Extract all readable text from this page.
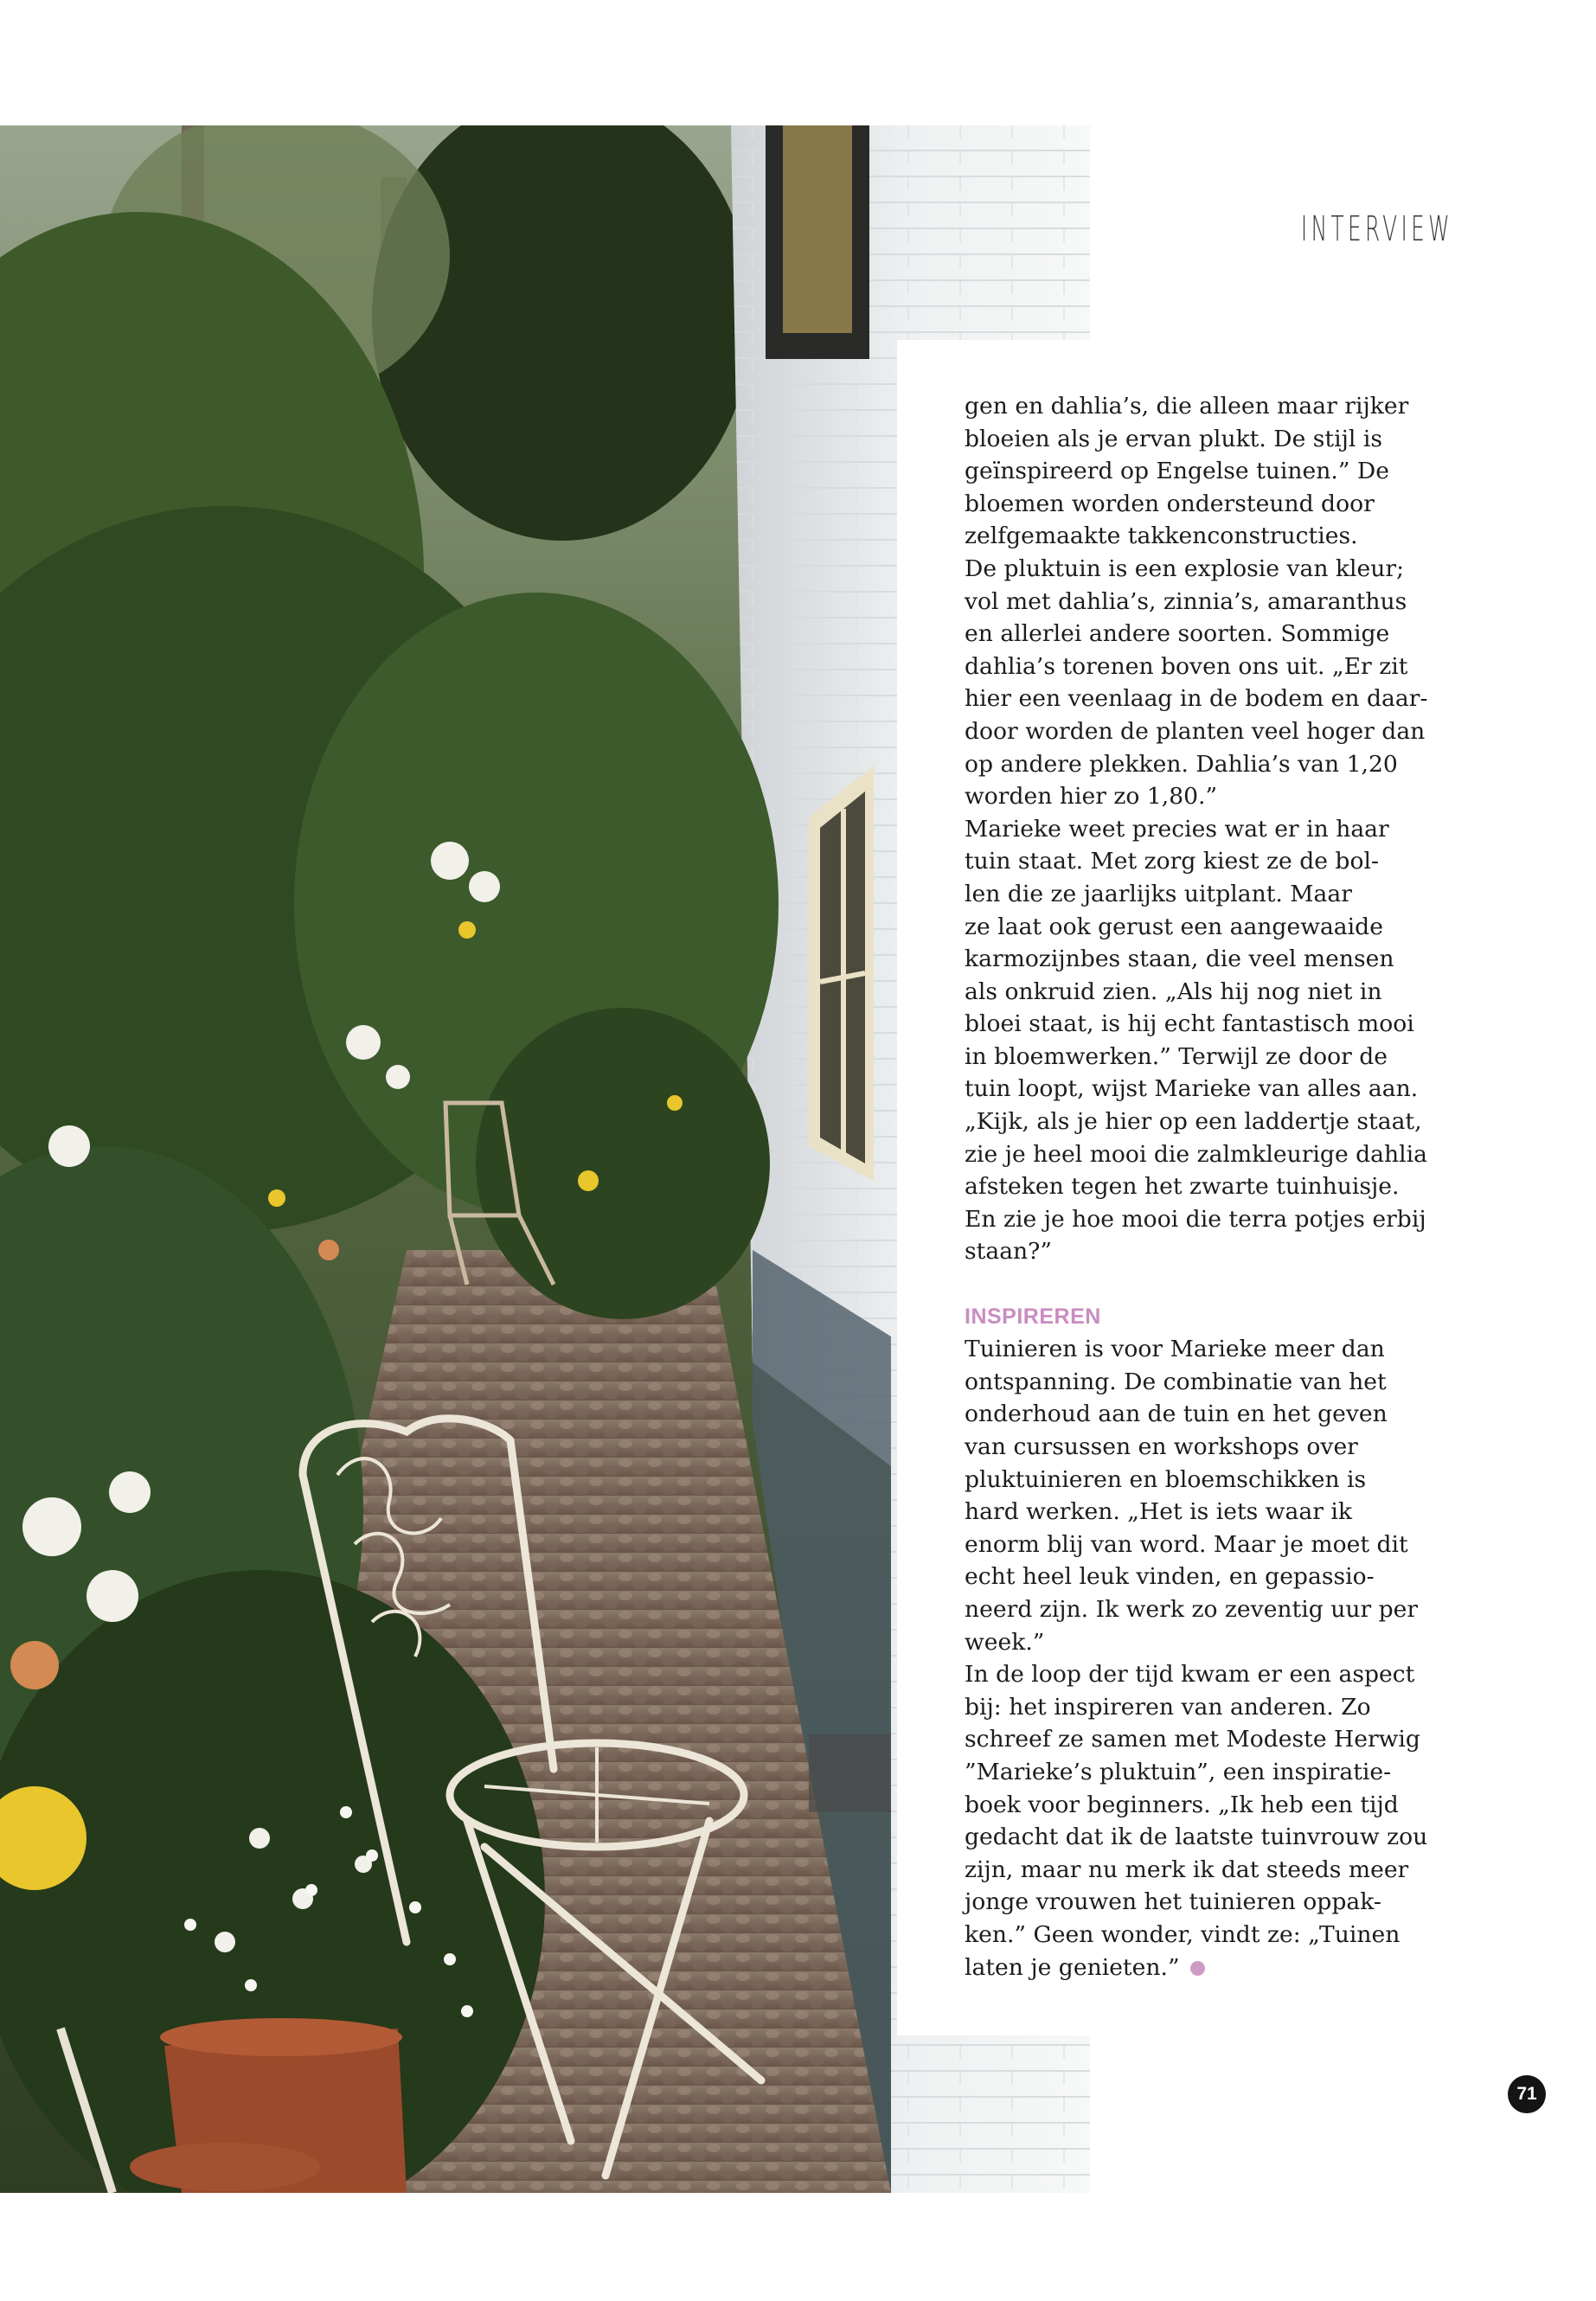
INTERVIEW
gen en dahlia’s, die alleen maar rijker
bloeien als je ervan plukt. De stijl is
geïnspireerd op Engelse tuinen.” De
bloemen worden ondersteund door
zelfgemaakte takkenconstructies.
De pluktuin is een explosie van kleur;
vol met dahlia’s, zinnia’s, amaranthus
en allerlei andere soorten. Sommige
dahlia’s torenen boven ons uit. „Er zit
hier een veenlaag in de bodem en daar-
door worden de planten veel hoger dan
op andere plekken. Dahlia’s van 1,20
worden hier zo 1,80.”
Marieke weet precies wat er in haar
tuin staat. Met zorg kiest ze de bol-
len die ze jaarlijks uitplant. Maar
ze laat ook gerust een aangewaaide
karmozijnbes staan, die veel mensen
als onkruid zien. „Als hij nog niet in
bloei staat, is hij echt fantastisch mooi
in bloemwerken.” Terwijl ze door de
tuin loopt, wijst Marieke van alles aan.
„Kijk, als je hier op een laddertje staat,
zie je heel mooi die zalmkleurige dahlia
afsteken tegen het zwarte tuinhuisje.
En zie je hoe mooi die terra potjes erbij
staan?”
INSPIREREN
Tuinieren is voor Marieke meer dan
ontspanning. De combinatie van het
onderhoud aan de tuin en het geven
van cursussen en workshops over
pluktuinieren en bloemschikken is
hard werken. „Het is iets waar ik
enorm blij van word. Maar je moet dit
echt heel leuk vinden, en gepassio-
neerd zijn. Ik werk zo zeventig uur per
week.”
In de loop der tijd kwam er een aspect
bij: het inspireren van anderen. Zo
schreef ze samen met Modeste Herwig
”Marieke’s pluktuin”, een inspiratie-
boek voor beginners. „Ik heb een tijd
gedacht dat ik de laatste tuinvrouw zou
zijn, maar nu merk ik dat steeds meer
jonge vrouwen het tuinieren oppak-
ken.” Geen wonder, vindt ze: „Tuinen
laten je genieten.”
71
